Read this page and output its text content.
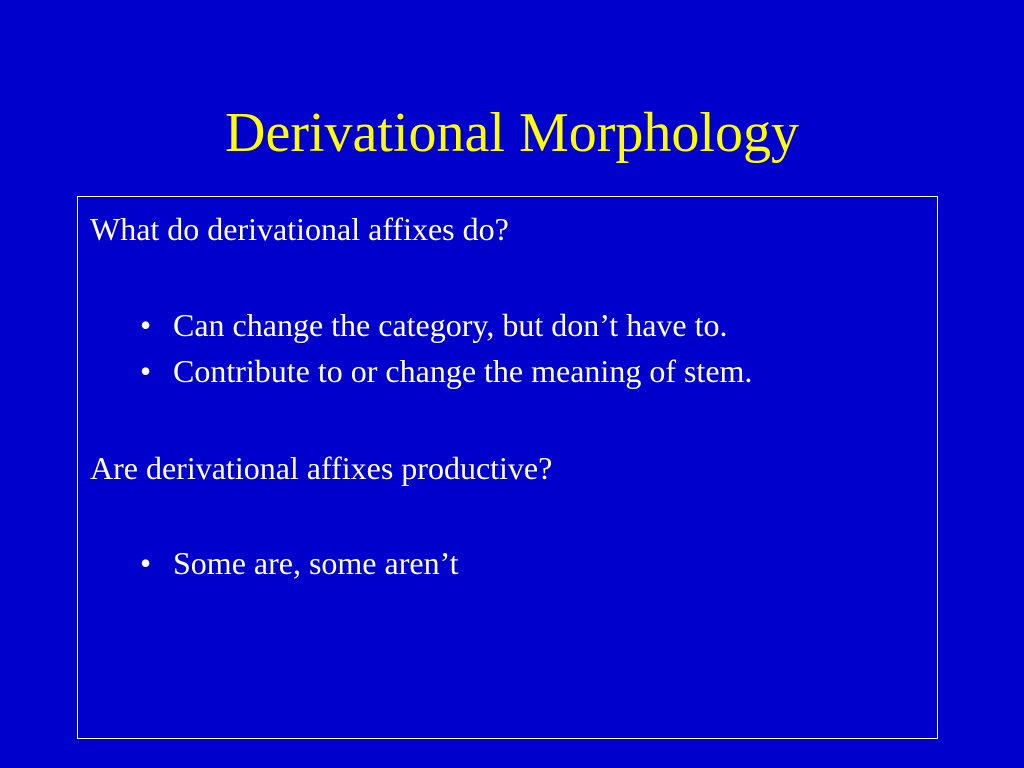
Derivational Morphology
What do derivational affixes do?
• Can change the category, but don’t have to.
• Contribute to or change the meaning of stem.
Are derivational affixes productive?
• Some are, some aren’t
